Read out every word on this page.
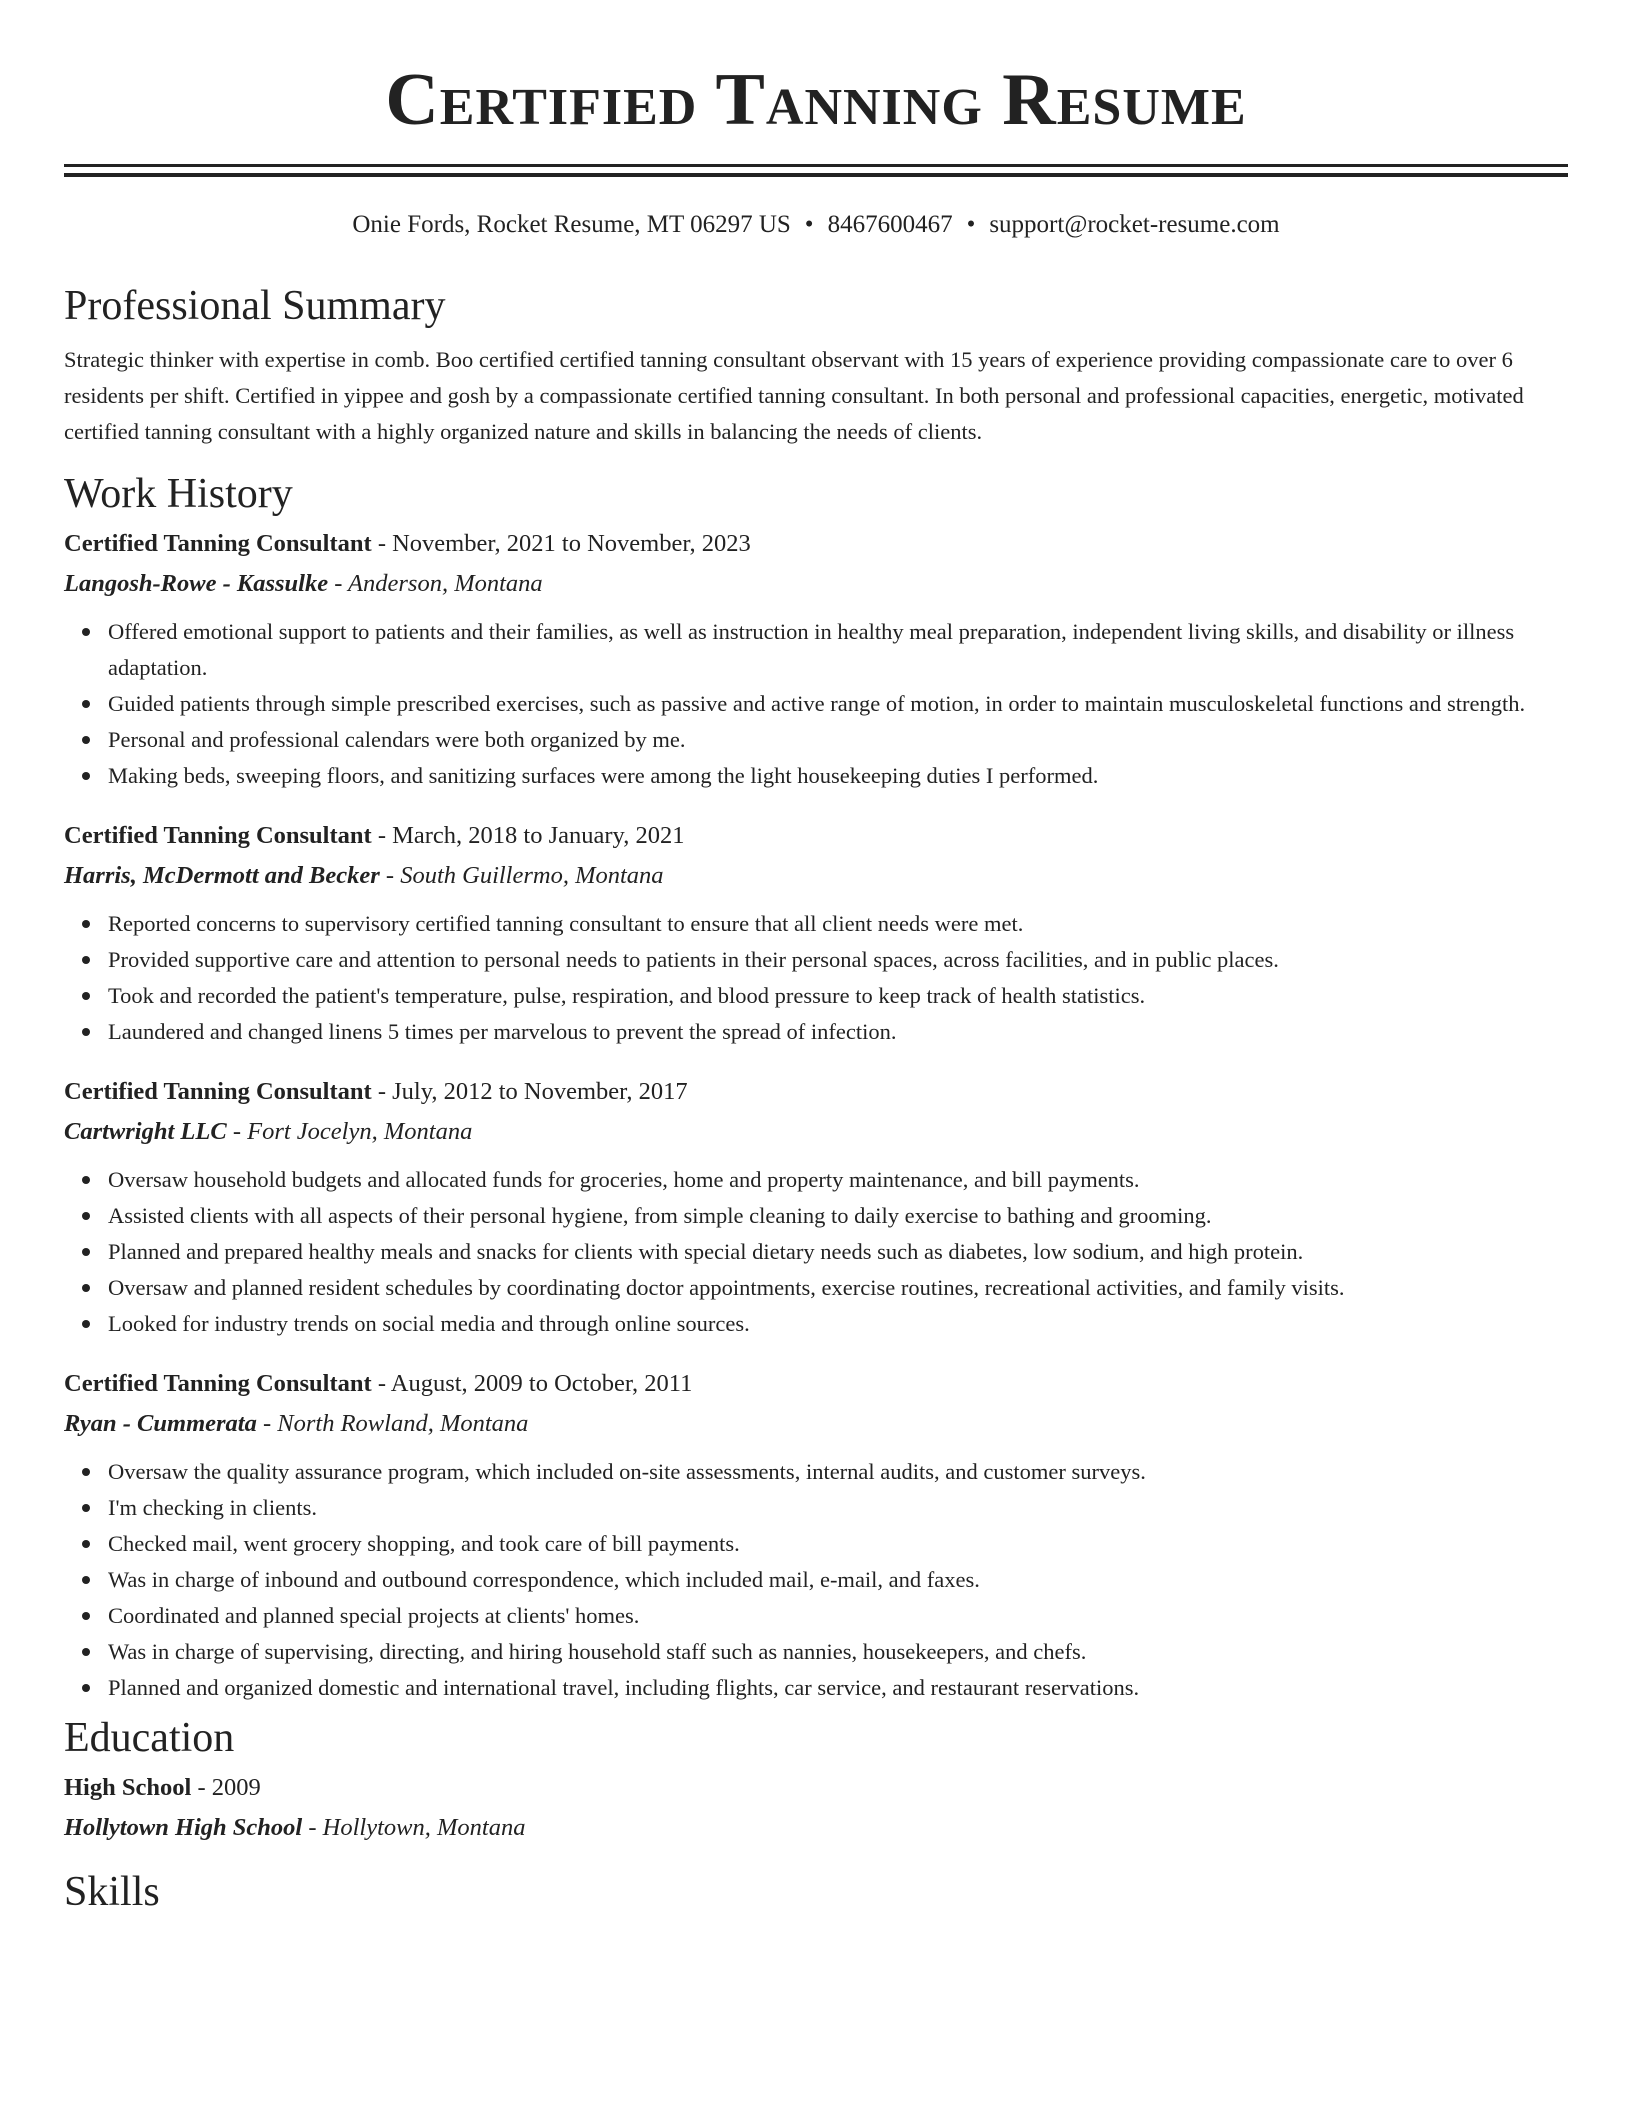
Certified Tanning Resume
Onie Fords, Rocket Resume, MT 06297 US • 8467600467 • support@rocket-resume.com
Professional Summary
Strategic thinker with expertise in comb. Boo certified certified tanning consultant observant with 15 years of experience providing compassionate care to over 6 residents per shift. Certified in yippee and gosh by a compassionate certified tanning consultant. In both personal and professional capacities, energetic, motivated certified tanning consultant with a highly organized nature and skills in balancing the needs of clients.
Work History
Certified Tanning Consultant - November, 2021 to November, 2023
Langosh-Rowe - Kassulke - Anderson, Montana
Offered emotional support to patients and their families, as well as instruction in healthy meal preparation, independent living skills, and disability or illness adaptation.
Guided patients through simple prescribed exercises, such as passive and active range of motion, in order to maintain musculoskeletal functions and strength.
Personal and professional calendars were both organized by me.
Making beds, sweeping floors, and sanitizing surfaces were among the light housekeeping duties I performed.
Certified Tanning Consultant - March, 2018 to January, 2021
Harris, McDermott and Becker - South Guillermo, Montana
Reported concerns to supervisory certified tanning consultant to ensure that all client needs were met.
Provided supportive care and attention to personal needs to patients in their personal spaces, across facilities, and in public places.
Took and recorded the patient's temperature, pulse, respiration, and blood pressure to keep track of health statistics.
Laundered and changed linens 5 times per marvelous to prevent the spread of infection.
Certified Tanning Consultant - July, 2012 to November, 2017
Cartwright LLC - Fort Jocelyn, Montana
Oversaw household budgets and allocated funds for groceries, home and property maintenance, and bill payments.
Assisted clients with all aspects of their personal hygiene, from simple cleaning to daily exercise to bathing and grooming.
Planned and prepared healthy meals and snacks for clients with special dietary needs such as diabetes, low sodium, and high protein.
Oversaw and planned resident schedules by coordinating doctor appointments, exercise routines, recreational activities, and family visits.
Looked for industry trends on social media and through online sources.
Certified Tanning Consultant - August, 2009 to October, 2011
Ryan - Cummerata - North Rowland, Montana
Oversaw the quality assurance program, which included on-site assessments, internal audits, and customer surveys.
I'm checking in clients.
Checked mail, went grocery shopping, and took care of bill payments.
Was in charge of inbound and outbound correspondence, which included mail, e-mail, and faxes.
Coordinated and planned special projects at clients' homes.
Was in charge of supervising, directing, and hiring household staff such as nannies, housekeepers, and chefs.
Planned and organized domestic and international travel, including flights, car service, and restaurant reservations.
Education
High School - 2009
Hollytown High School - Hollytown, Montana
Skills
